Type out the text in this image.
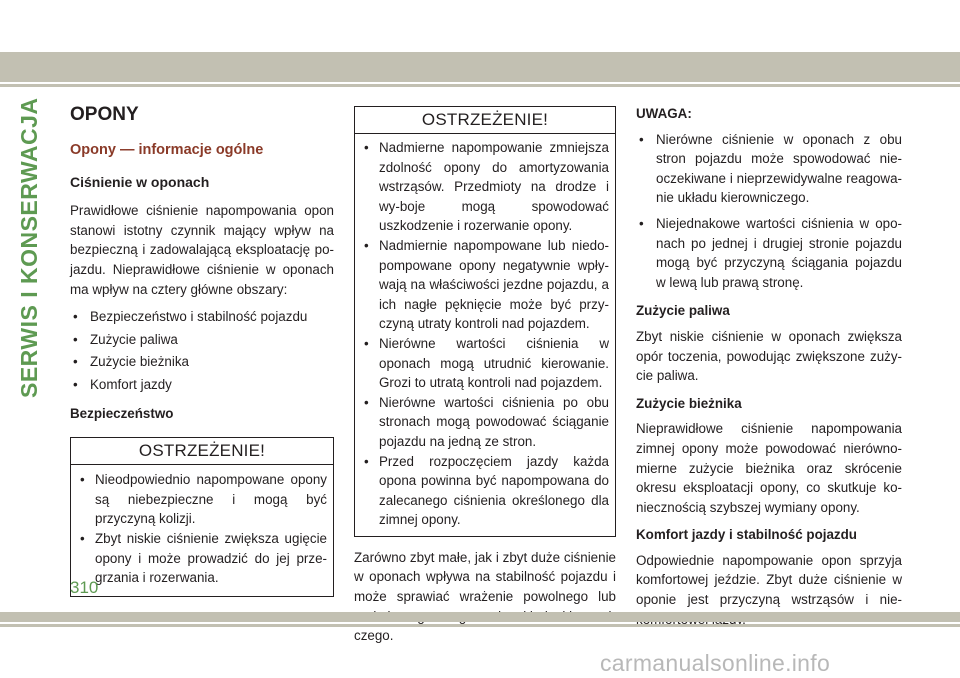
SERWIS I KONSERWACJA OPONY

Opony — informacje ogólne

Ciśnienie w oponach

Prawidłowe ciśnienie napompowania opon stanowi istotny czynnik mający wpływ na bezpieczną i zadowalającą eksploatację po-jazdu. Nieprawidłowe ciśnienie w oponach ma wpływ na cztery główne obszary:

• Bezpieczeństwo i stabilność pojazdu
• Zużycie paliwa
• Zużycie bieżnika
• Komfort jazdy

Bezpieczeństwo

OSTRZEŻENIE!
• Nieodpowiednio napompowane opony są niebezpieczne i mogą być przyczyną kolizji.
• Zbyt niskie ciśnienie zwiększa ugięcie opony i może prowadzić do jej prze-grzania i rozerwania.
OSTRZEŻENIE!
• Nadmierne napompowanie zmniejsza zdolność opony do amortyzowania wstrząsów. Przedmioty na drodze i wy-boje mogą spowodować uszkodzenie i rozerwanie opony.
• Nadmiernie napompowane lub niedo-pompowane opony negatywnie wpły-wają na właściwości jezdne pojazdu, a ich nagłe pęknięcie może być przy-czyną utraty kontroli nad pojazdem.
• Nierówne wartości ciśnienia w oponach mogą utrudnić kierowanie. Grozi to utratą kontroli nad pojazdem.
• Nierówne wartości ciśnienia po obu stronach mogą powodować ściąganie pojazdu na jedną ze stron.
• Przed rozpoczęciem jazdy każda opona powinna być napompowana do zalecanego ciśnienia określonego dla zimnej opony.

Zarówno zbyt małe, jak i zbyt duże ciśnienie w oponach wpływa na stabilność pojazdu i może sprawiać wrażenie powolnego lub czego.

UWAGA:

• Nierówne ciśnienie w oponach z obu stron pojazdu może spowodować nie-oczekiwane i nieprzewidywalne reagowa-nie układu kierowniczego.
• Niejednakowe wartości ciśnienia w opo-nach po jednej i drugiej stronie pojazdu mogą być przyczyną ściągania pojazdu w lewą lub prawą stronę.

Zużycie paliwa

Zbyt niskie ciśnienie w oponach zwiększa opór toczenia, powodując zwiększone zuży-cie paliwa.

Zużycie bieżnika

Nieprawidłowe ciśnienie napompowania zimnej opony może powodować nierówno-mierne zużycie bieżnika oraz skrócenie okresu eksploatacji opony, co skutkuje ko-niecznością szybszej wymiany opony.

Komfort jazdy i stabilność pojazdu

Odpowiednie napompowanie opon sprzyja komfortowej jeździe. Zbyt duże ciśnienie w oponie jest przyczyną wstrząsów i nie-

310
carmanualsonline.info
